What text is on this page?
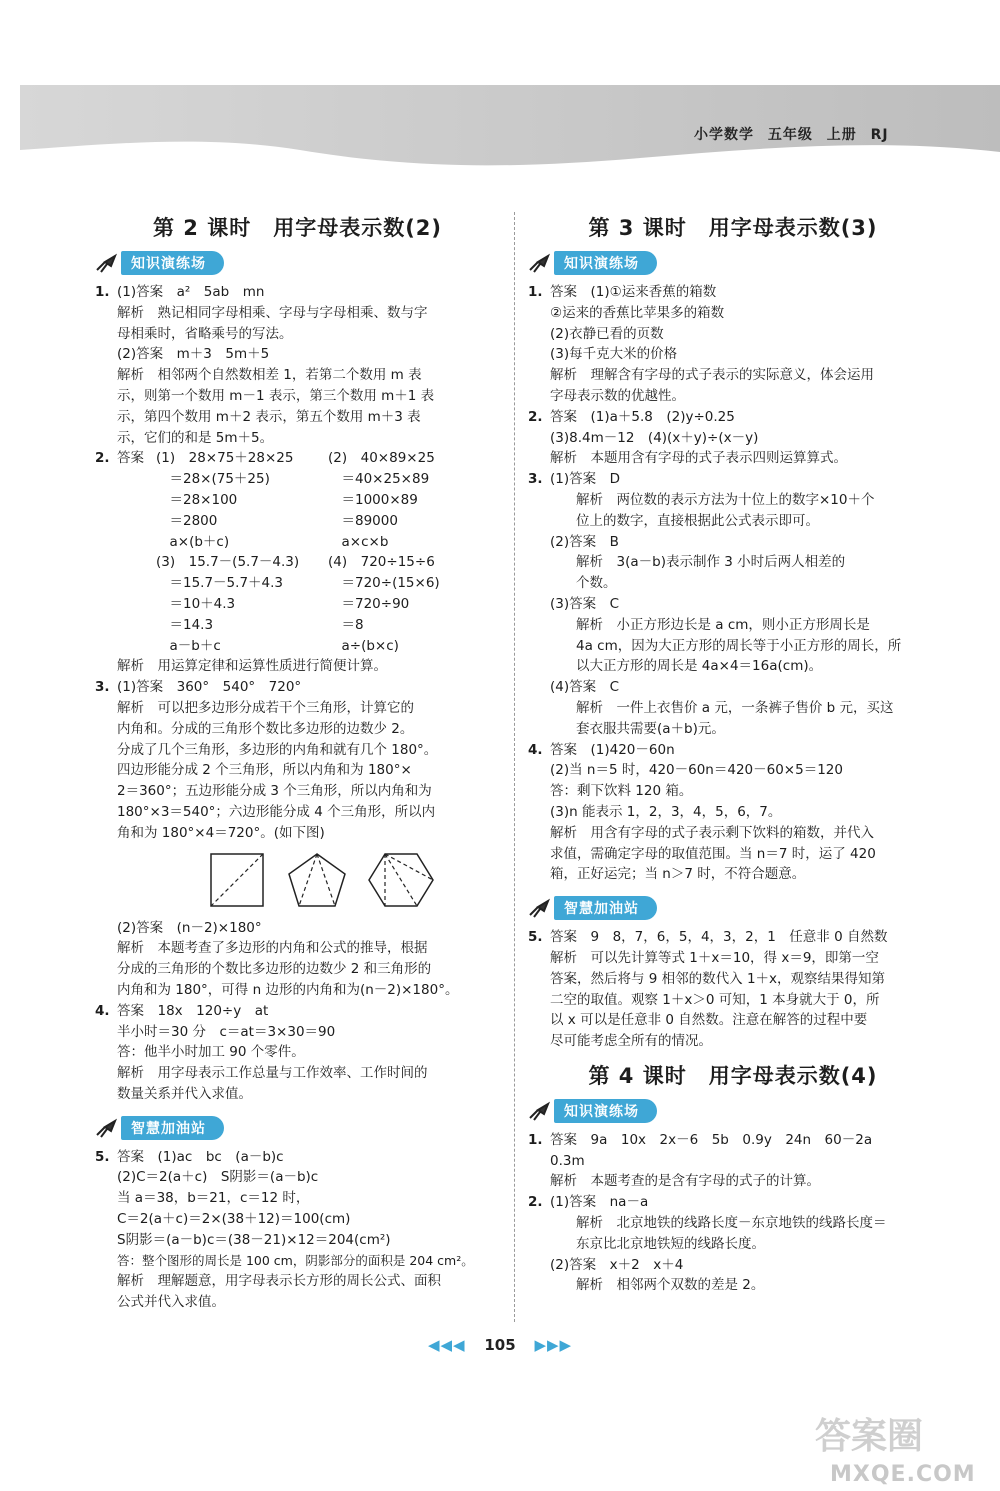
小学数学 五年级 上册 RJ
第 2 课时　用字母表示数(2)
知识演练场
1. (1)答案　a²　5ab　mn
解析　熟记相同字母相乘、字母与字母相乘、数与字
母相乘时，省略乘号的写法。
(2)答案　m＋3　5m＋5
解析　相邻两个自然数相差 1，若第二个数用 m 表
示，则第一个数用 m－1 表示，第三个数用 m＋1 表
示，第四个数用 m＋2 表示，第五个数用 m＋3 表
示，它们的和是 5m＋5。
2. 答案 (1)　28×75＋28×25	(2)　40×89×25
　＝28×(75＋25)	　＝40×25×89
　＝28×100	　＝1000×89
　＝2800	　＝89000
　a×(b＋c)	　a×c×b
(3)　15.7－(5.7－4.3)	(4)　720÷15÷6
　＝15.7－5.7＋4.3	　＝720÷(15×6)
　＝10＋4.3	　＝720÷90
　＝14.3	　＝8
　a－b＋c	　a÷(b×c)
解析　用运算定律和运算性质进行简便计算。
3. (1)答案　360°　540°　720°
解析　可以把多边形分成若干个三角形，计算它的
内角和。分成的三角形个数比多边形的边数少 2。
分成了几个三角形，多边形的内角和就有几个 180°。
四边形能分成 2 个三角形，所以内角和为 180°×
2＝360°；五边形能分成 3 个三角形，所以内角和为
180°×3＝540°；六边形能分成 4 个三角形，所以内
角和为 180°×4＝720°。(如下图)
(2)答案　(n－2)×180°
解析　本题考查了多边形的内角和公式的推导，根据
分成的三角形的个数比多边形的边数少 2 和三角形的
内角和为 180°，可得 n 边形的内角和为(n－2)×180°。
4. 答案　18x　120÷y　at
半小时＝30 分　c＝at＝3×30＝90
答：他半小时加工 90 个零件。
解析　用字母表示工作总量与工作效率、工作时间的
数量关系并代入求值。
智慧加油站
5. 答案　(1)ac　bc　(a－b)c
(2)C＝2(a＋c)　S阴影＝(a－b)c
当 a＝38，b＝21，c＝12 时，
C＝2(a＋c)＝2×(38＋12)＝100(cm)
S阴影＝(a－b)c＝(38－21)×12＝204(cm²)
答：整个图形的周长是 100 cm，阴影部分的面积是 204 cm²。
解析　理解题意，用字母表示长方形的周长公式、面积
公式并代入求值。
第 3 课时　用字母表示数(3)
知识演练场
1. 答案　(1)①运来香蕉的箱数
②运来的香蕉比苹果多的箱数
(2)衣静已看的页数
(3)每千克大米的价格
解析　理解含有字母的式子表示的实际意义，体会运用
字母表示数的优越性。
2. 答案　(1)a＋5.8　(2)y÷0.25
(3)8.4m－12　(4)(x＋y)÷(x－y)
解析　本题用含有字母的式子表示四则运算算式。
3. (1)答案　D
解析　两位数的表示方法为十位上的数字×10＋个
位上的数字，直接根据此公式表示即可。
(2)答案　B
解析　3(a－b)表示制作 3 小时后两人相差的
个数。
(3)答案　C
解析　小正方形边长是 a cm，则小正方形周长是
4a cm，因为大正方形的周长等于小正方形的周长，所
以大正方形的周长是 4a×4＝16a(cm)。
(4)答案　C
解析　一件上衣售价 a 元，一条裤子售价 b 元，买这
套衣服共需要(a＋b)元。
4. 答案　(1)420－60n
(2)当 n＝5 时，420－60n＝420－60×5＝120
答：剩下饮料 120 箱。
(3)n 能表示 1，2，3，4，5，6，7。
解析　用含有字母的式子表示剩下饮料的箱数，并代入
求值，需确定字母的取值范围。当 n＝7 时，运了 420
箱，正好运完；当 n＞7 时，不符合题意。
智慧加油站
5. 答案　9　8，7，6，5，4，3，2，1　任意非 0 自然数
解析　可以先计算等式 1＋x＝10，得 x＝9，即第一空
答案，然后将与 9 相邻的数代入 1＋x，观察结果得知第
二空的取值。观察 1＋x＞0 可知，1 本身就大于 0，所
以 x 可以是任意非 0 自然数。注意在解答的过程中要
尽可能考虑全所有的情况。
第 4 课时　用字母表示数(4)
知识演练场
1. 答案　9a　10x　2x－6　5b　0.9y　24n　60－2a
0.3m
解析　本题考查的是含有字母的式子的计算。
2. (1)答案　na－a
解析　北京地铁的线路长度－东京地铁的线路长度＝
东京比北京地铁短的线路长度。
(2)答案　x＋2　x＋4
解析　相邻两个双数的差是 2。
◀◀◀ 105 ▶▶▶
答案圈
MXQE.COM
